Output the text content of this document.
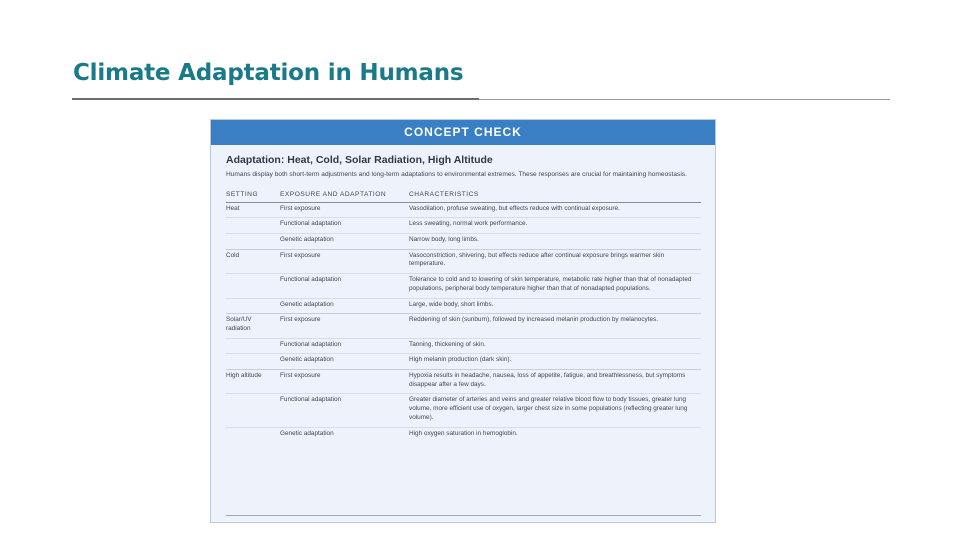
Climate Adaptation in Humans
CONCEPT CHECK
Adaptation: Heat, Cold, Solar Radiation, High Altitude
Humans display both short-term adjustments and long-term adaptations to environmental extremes. These responses are crucial for maintaining homeostasis.
SETTING	EXPOSURE AND ADAPTATION	CHARACTERISTICS
Heat	First exposure	Vasodilation, profuse sweating, but effects reduce with continual exposure.
	Functional adaptation	Less sweating, normal work performance.
	Genetic adaptation	Narrow body, long limbs.
Cold	First exposure	Vasoconstriction, shivering, but effects reduce after continual exposure brings warmer skin temperature.
	Functional adaptation	Tolerance to cold and to lowering of skin temperature, metabolic rate higher than that of nonadapted populations, peripheral body temperature higher than that of nonadapted populations.
	Genetic adaptation	Large, wide body, short limbs.
Solar/UV radiation	First exposure	Reddening of skin (sunburn), followed by increased melanin production by melanocytes.
	Functional adaptation	Tanning, thickening of skin.
	Genetic adaptation	High melanin production (dark skin).
High altitude	First exposure	Hypoxia results in headache, nausea, loss of appetite, fatigue, and breathlessness, but symptoms disappear after a few days.
	Functional adaptation	Greater diameter of arteries and veins and greater relative blood flow to body tissues, greater lung volume, more efficient use of oxygen, larger chest size in some populations (reflecting greater lung volume).
	Genetic adaptation	High oxygen saturation in hemoglobin.
